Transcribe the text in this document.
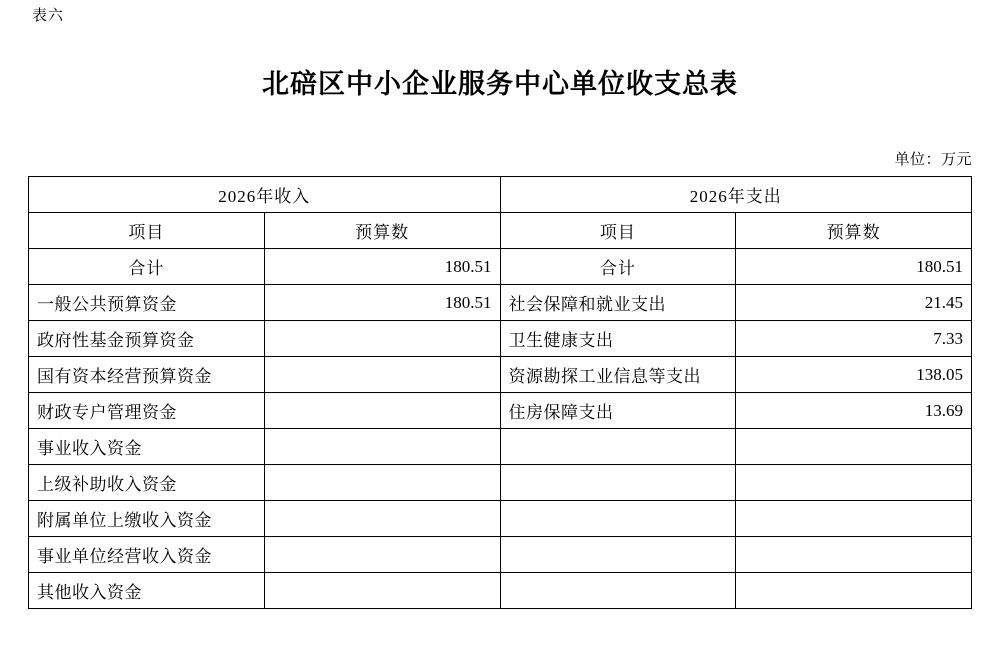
表六
北碚区中小企业服务中心单位收支总表
单位：万元
2026年收入		2026年支出	
项目	预算数	项目	预算数
合计	180.51	合计	180.51
一般公共预算资金	180.51	社会保障和就业支出	21.45
政府性基金预算资金		卫生健康支出	7.33
国有资本经营预算资金		资源勘探工业信息等支出	138.05
财政专户管理资金		住房保障支出	13.69
事业收入资金			
上级补助收入资金			
附属单位上缴收入资金			
事业单位经营收入资金			
其他收入资金			
